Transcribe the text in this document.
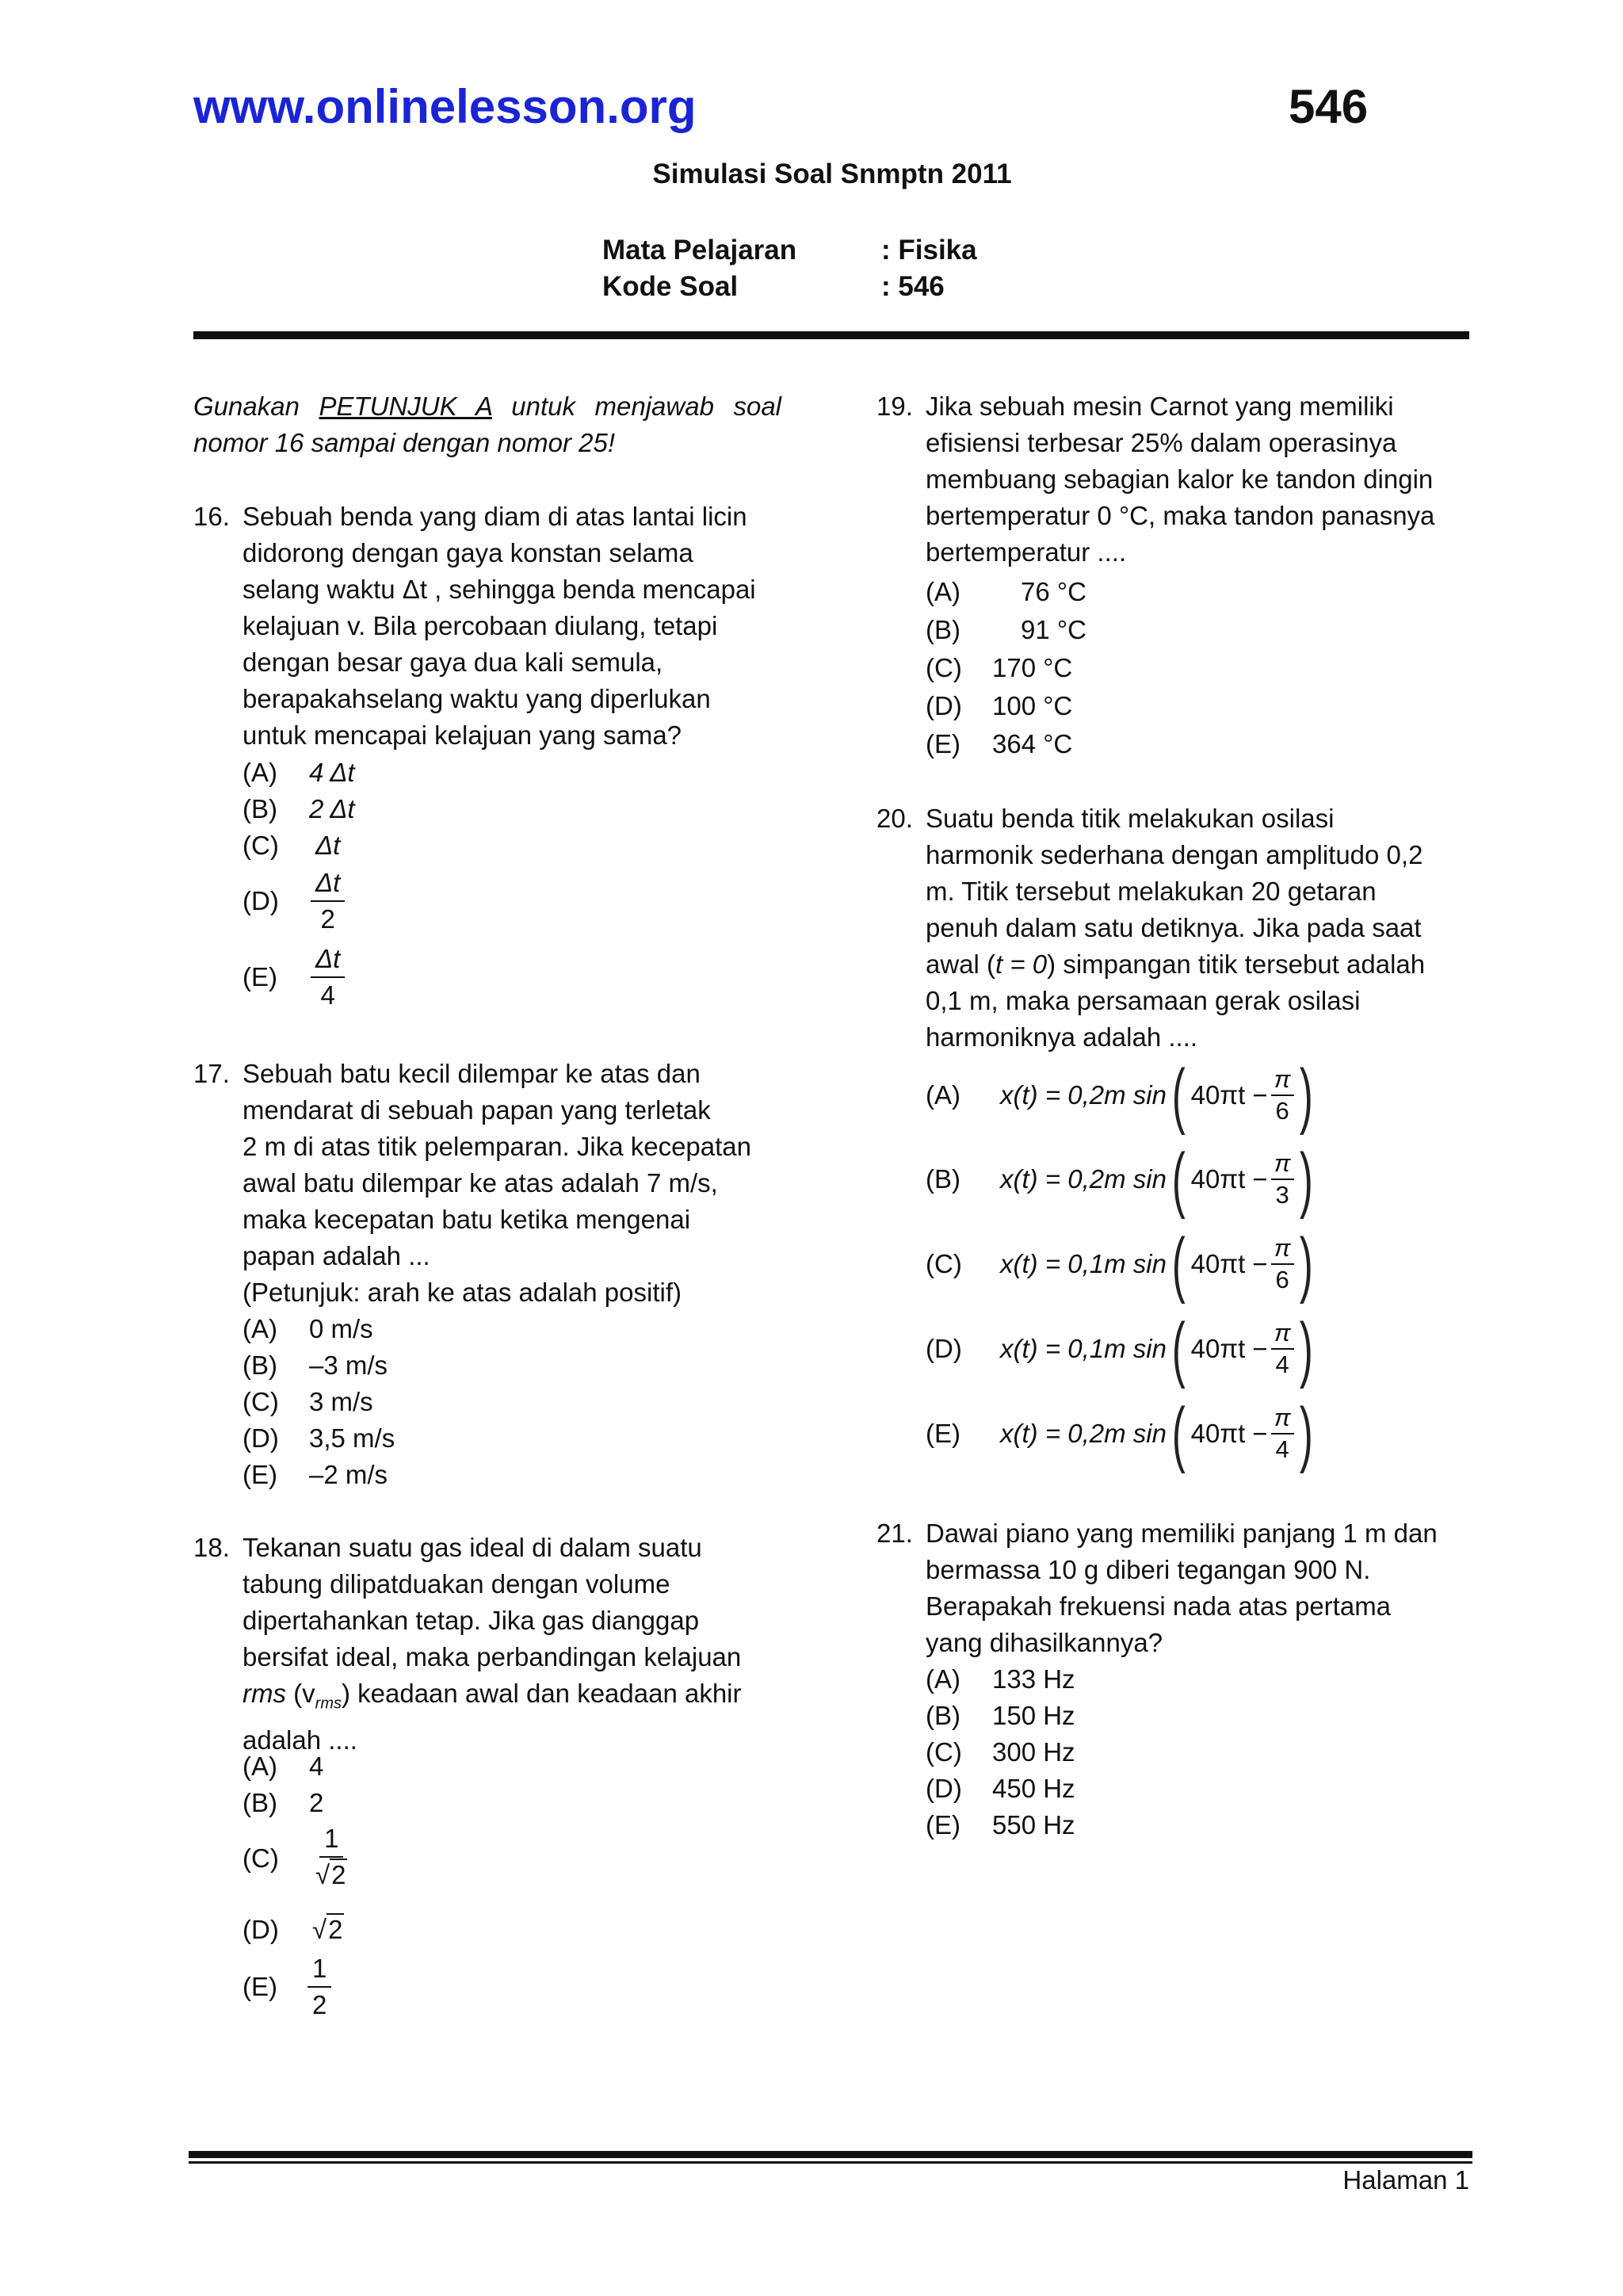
www.onlinelesson.org	546
Simulasi Soal Snmptn 2011
Mata Pelajaran	: Fisika
Kode Soal	: 546
Gunakan PETUNJUK A untuk menjawab soal nomor 16 sampai dengan nomor 25!
16. Sebuah benda yang diam di atas lantai licin
didorong dengan gaya konstan selama
selang waktu Δt , sehingga benda mencapai
kelajuan v. Bila percobaan diulang, tetapi
dengan besar gaya dua kali semula,
berapakahselang waktu yang diperlukan
untuk mencapai kelajuan yang sama?
(A) 4 Δt
(B) 2 Δt
(C) Δt
$(D) \frac{\Delta t}{2}$
$(E) \frac{\Delta t}{4}$
17. Sebuah batu kecil dilempar ke atas dan
mendarat di sebuah papan yang terletak
2 m di atas titik pelemparan. Jika kecepatan
awal batu dilempar ke atas adalah 7 m/s,
maka kecepatan batu ketika mengenai
papan adalah ...
(Petunjuk: arah ke atas adalah positif)
(A) 0 m/s
(B) –3 m/s
(C) 3 m/s
(D) 3,5 m/s
(E) –2 m/s
18. Tekanan suatu gas ideal di dalam suatu
tabung dilipatduakan dengan volume
dipertahankan tetap. Jika gas dianggap
bersifat ideal, maka perbandingan kelajuan
rms $(v_{rms})$ keadaan awal dan keadaan akhir
adalah ....
(A) 4
(B) 2
$(C) \frac{1}{√2}$
(D) √2
$(E) \frac{1}{2}$
19. Jika sebuah mesin Carnot yang memiliki
efisiensi terbesar 25% dalam operasinya
membuang sebagian kalor ke tandon dingin
bertemperatur 0 °C, maka tandon panasnya
bertemperatur ....
(A) 76 °C
(B) 91 °C
(C) 170 °C
(D) 100 °C
(E) 364 °C
20. Suatu benda titik melakukan osilasi
harmonik sederhana dengan amplitudo 0,2
m. Titik tersebut melakukan 20 getaran
penuh dalam satu detiknya. Jika pada saat
awal (t = 0) simpangan titik tersebut adalah
0,1 m, maka persamaan gerak osilasi
harmoniknya adalah ....
(A)	x(t) = 0,2m sin ( $40\pi t - \frac{\pi}{6}$ )
(B)	x(t) = 0,2m sin ( $40\pi t - \frac{\pi}{3}$ )
(C)	x(t) = 0,1m sin ( $40\pi t - \frac{\pi}{6}$ )
(D)	x(t) = 0,1m sin ( $40\pi t - \frac{\pi}{4}$ )
(E)	x(t) = 0,2m sin ( $40\pi t - \frac{\pi}{4}$ )
21. Dawai piano yang memiliki panjang 1 m dan
bermassa 10 g diberi tegangan 900 N.
Berapakah frekuensi nada atas pertama
yang dihasilkannya?
(A) 133 Hz
(B) 150 Hz
(C) 300 Hz
(D) 450 Hz
(E) 550 Hz
Halaman 1
